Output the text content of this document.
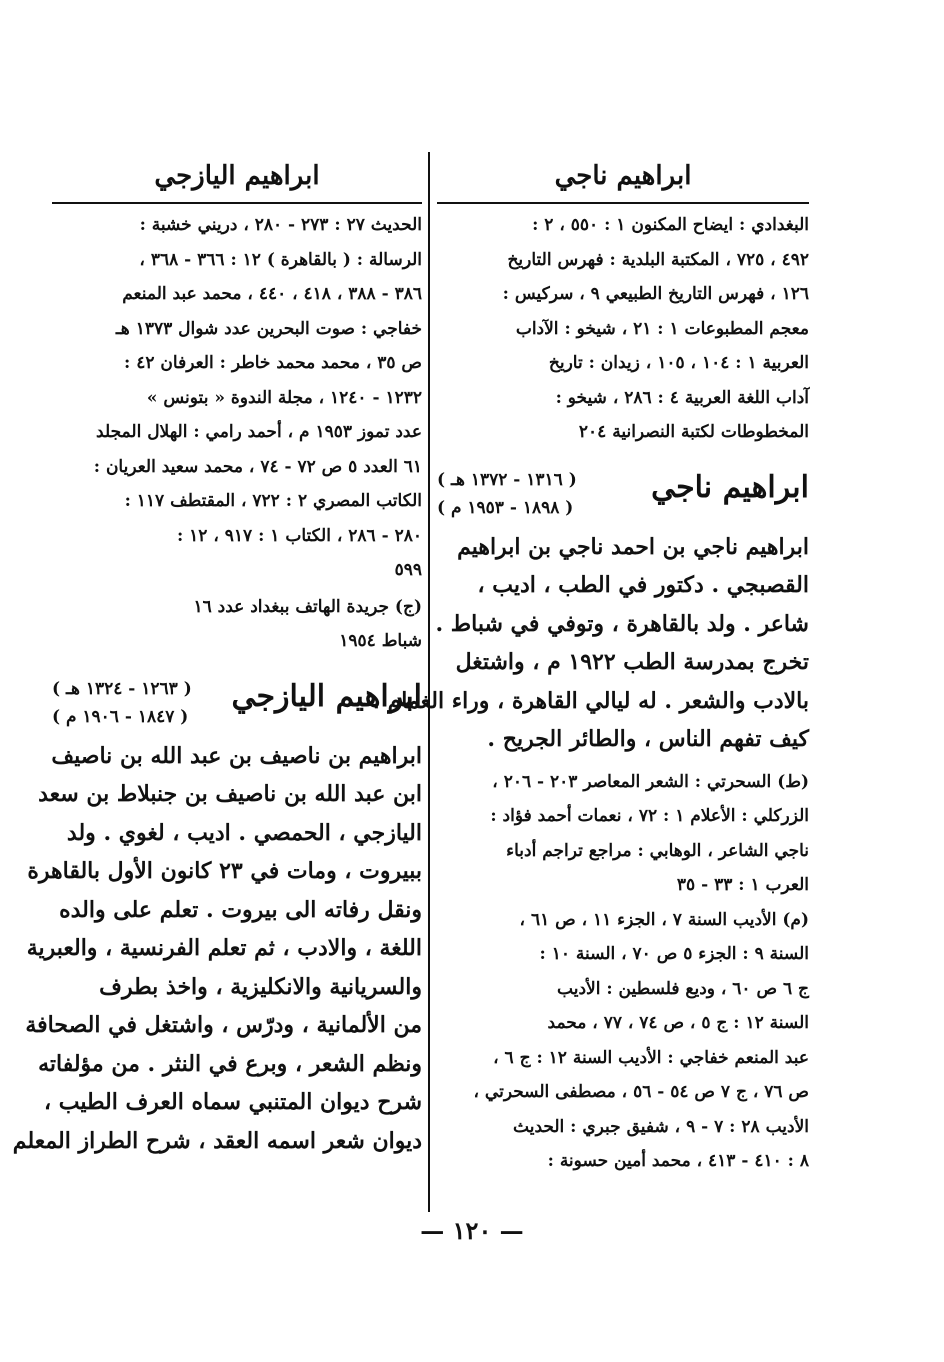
ابراهيم ناجي
البغدادي : ايضاح المكنون ١ : ٥٥٠ ، ٢ :
٤٩٢ ، ٧٢٥ ، المكتبة البلدية : فهرس التاريخ
١٢٦ ، فهرس التاريخ الطبيعي ٩ ، سركيس :
معجم المطبوعات ١ : ٢١ ، شيخو : الآداب
العربية ١ : ١٠٤ ، ١٠٥ ، زيدان : تاريخ
آداب اللغة العربية ٤ : ٢٨٦ ، شيخو :
المخطوطات لكتبة النصرانية ٢٠٤
ابراهيم ناجي
( ١٣١٦ - ١٣٧٢ هـ )
( ١٨٩٨ - ١٩٥٣ م )
ابراهيم ناجي بن احمد ناجي بن ابراهيم
القصبجي . دكتور في الطب ، اديب ،
شاعر . ولد بالقاهرة ، وتوفي في شباط .
تخرج بمدرسة الطب ١٩٢٢ م ، واشتغل
بالادب والشعر . له ليالي القاهرة ، وراء الغمام ،
كيف تفهم الناس ، والطائر الجريح .
(ط) السحرتي : الشعر المعاصر ٢٠٣ - ٢٠٦ ،
الزركلي : الأعلام ١ : ٧٢ ، نعمات أحمد فؤاد :
ناجي الشاعر ، الوهابي : مراجع تراجم أدباء
العرب ١ : ٣٣ - ٣٥
(م) الأديب السنة ٧ ، الجزء ١١ ، ص ٦١ ،
السنة ٩ : الجزء ٥ ص ٧٠ ، السنة ١٠ :
ج ٦ ص ٦٠ ، وديع فلسطين : الأديب
السنة ١٢ : ج ٥ ، ص ٧٤ ، ٧٧ ، محمد
عبد المنعم خفاجي : الأديب السنة ١٢ : ج ٦ ،
ص ٧٦ ، ج ٧ ص ٥٤ - ٥٦ ، مصطفى السحرتي ،
الأديب ٢٨ : ٧ - ٩ ، شفيق جبري : الحديث
٨ : ٤١٠ - ٤١٣ ، محمد أمين حسونة :
ابراهيم اليازجي
الحديث ٢٧ : ٢٧٣ - ٢٨٠ ، دريني خشبة :
الرسالة : ( بالقاهرة ) ١٢ : ٣٦٦ - ٣٦٨ ،
٣٨٦ - ٣٨٨ ، ٤١٨ ، ٤٤٠ ، محمد عبد المنعم
خفاجي : صوت البحرين عدد شوال ١٣٧٣ هـ
ص ٣٥ ، محمد محمد خاطر : العرفان ٤٢ :
١٢٣٢ - ١٢٤٠ ، مجلة الندوة « بتونس »
عدد تموز ١٩٥٣ م ، أحمد رامي : الهلال المجلد
٦١ العدد ٥ ص ٧٢ - ٧٤ ، محمد سعيد العريان :
الكاتب المصري ٢ : ٧٢٢ ، المقتطف ١١٧ :
٢٨٠ - ٢٨٦ ، الكتاب ١ : ٩١٧ ، ١٢ :
٥٩٩
(ج) جريدة الهاتف ببغداد عدد ١٦
شباط ١٩٥٤
ابراهيم اليازجي
( ١٢٦٣ - ١٣٢٤ هـ )
( ١٨٤٧ - ١٩٠٦ م )
ابراهيم بن ناصيف بن عبد الله بن ناصيف
ابن عبد الله بن ناصيف بن جنبلاط بن سعد
اليازجي ، الحمصي . اديب ، لغوي . ولد
ببيروت ، ومات في ٢٣ كانون الأول بالقاهرة
ونقل رفاته الى بيروت . تعلم على والده
اللغة ، والادب ، ثم تعلم الفرنسية ، والعبرية
والسريانية والانكليزية ، واخذ بطرف
من الألمانية ، ودرّس ، واشتغل في الصحافة
ونظم الشعر ، وبرع في النثر . من مؤلفاته
شرح ديوان المتنبي سماه العرف الطيب ،
ديوان شعر اسمه العقد ، شرح الطراز المعلم
— ١٢٠ —
